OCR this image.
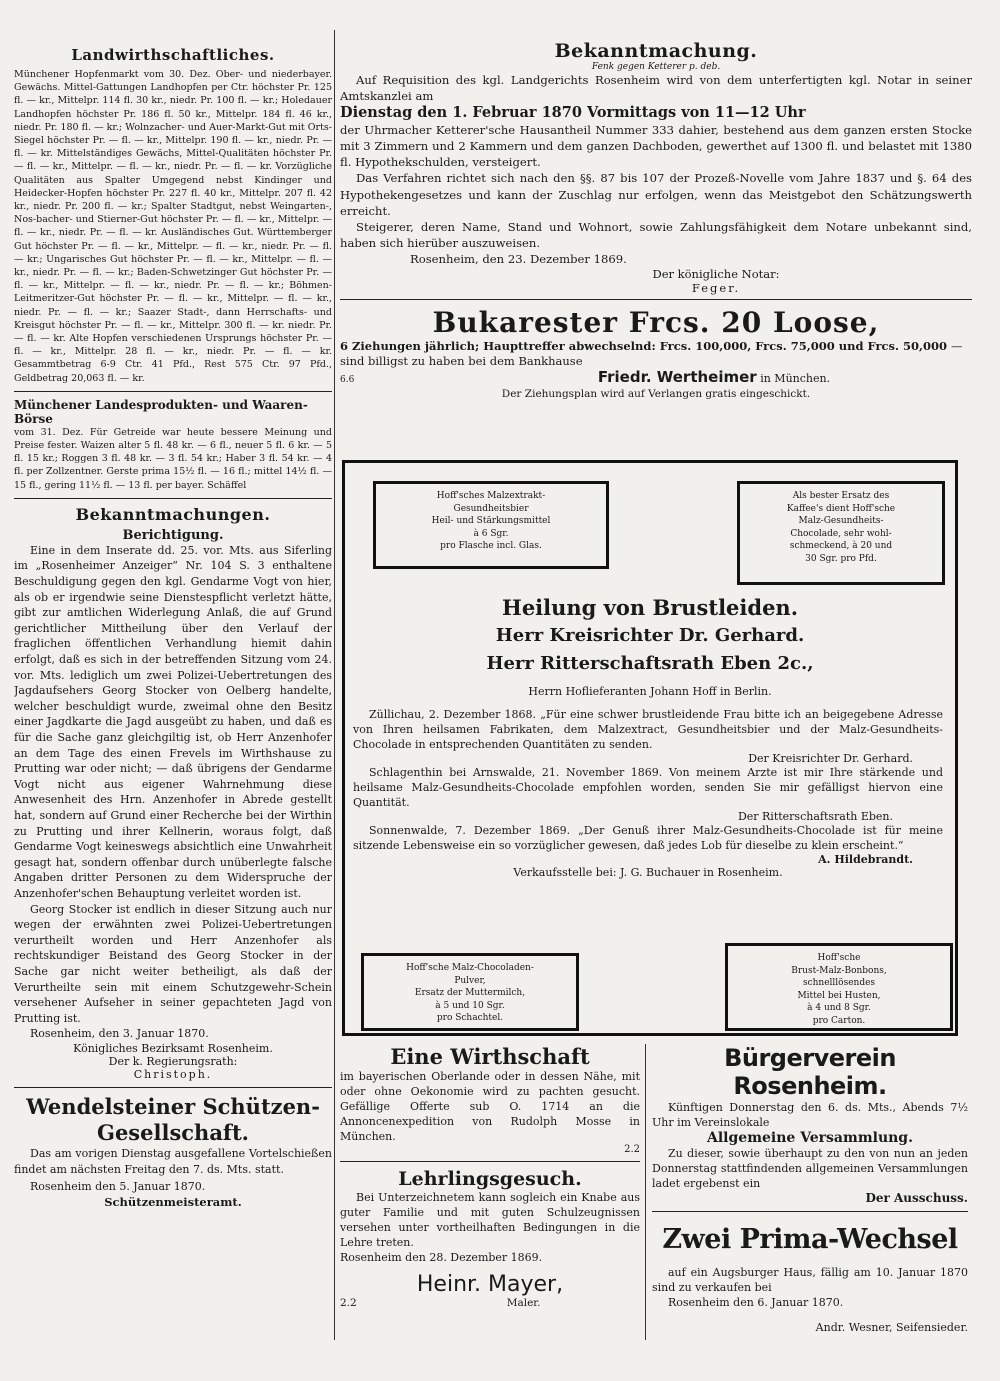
Landwirthschaftliches.

Münchener Hopfenmarkt vom 30. Dez. Ober- und niederbayer. Gewächs. Mittel-Gattungen Landhopfen per Ctr. höchster Pr. 125 fl. — kr., Mittelpr. 114 fl. 30 kr., niedr. Pr. 100 fl. — kr.; Holedauer Landhopfen höchster Pr. 186 fl. 50 kr., Mittelpr. 184 fl. 46 kr., niedr. Pr. 180 fl. — kr.; Wolnzacher- und Auer-Markt-Gut mit Orts-Siegel höchster Pr. — fl. — kr., Mittelpr. 190 fl. — kr., niedr. Pr. — fl. — kr. Mittelständiges Gewächs, Mittel-Qualitäten höchster Pr. — fl. — kr., Mittelpr. — fl. — kr., niedr. Pr. — fl. — kr. Vorzügliche Qualitäten aus Spalter Umgegend nebst Kindinger und Heidecker-Hopfen höchster Pr. 227 fl. 40 kr., Mittelpr. 207 fl. 42 kr., niedr. Pr. 200 fl. — kr.; Spalter Stadtgut, nebst Weingarten-, Nos-bacher- und Stierner-Gut höchster Pr. — fl. — kr., Mittelpr. — fl. — kr., niedr. Pr. — fl. — kr. Ausländisches Gut. Württemberger Gut höchster Pr. — fl. — kr., Mittelpr. — fl. — kr., niedr. Pr. — fl. — kr.; Ungarisches Gut höchster Pr. — fl. — kr., Mittelpr. — fl. — kr., niedr. Pr. — fl. — kr.; Baden-Schwetzinger Gut höchster Pr. — fl. — kr., Mittelpr. — fl. — kr., niedr. Pr. — fl. — kr.; Böhmen-Leitmeritzer-Gut höchster Pr. — fl. — kr., Mittelpr. — fl. — kr., niedr. Pr. — fl. — kr.; Saazer Stadt-, dann Herrschafts- und Kreisgut höchster Pr. — fl. — kr., Mittelpr. 300 fl. — kr. niedr. Pr. — fl. — kr. Alte Hopfen verschiedenen Ursprungs höchster Pr. — fl. — kr., Mittelpr. 28 fl. — kr., niedr. Pr. — fl. — kr. Gesammtbetrag 6-9 Ctr. 41 Pfd., Rest 575 Ctr. 97 Pfd., Geldbetrag 20,063 fl. — kr.

Münchener Landesprodukten- und Waaren-Börse

vom 31. Dez. Für Getreide war heute bessere Meinung und Preise fester. Waizen alter 5 fl. 48 kr. — 6 fl., neuer 5 fl. 6 kr. — 5 fl. 15 kr.; Roggen 3 fl. 48 kr. — 3 fl. 54 kr.; Haber 3 fl. 54 kr. — 4 fl. per Zollzentner. Gerste prima 15½ fl. — 16 fl.; mittel 14½ fl. — 15 fl., gering 11½ fl. — 13 fl. per bayer. Schäffel

Bekanntmachungen.
Berichtigung.

Eine in dem Inserate dd. 25. vor. Mts. aus Siferling im „Rosenheimer Anzeiger“ Nr. 104 S. 3 enthaltene Beschuldigung gegen den kgl. Gendarme Vogt von hier, als ob er irgendwie seine Dienstespflicht verletzt hätte, gibt zur amtlichen Widerlegung Anlaß, die auf Grund gerichtlicher Mittheilung über den Verlauf der fraglichen öffentlichen Verhandlung hiemit dahin erfolgt, daß es sich in der betreffenden Sitzung vom 24. vor. Mts. lediglich um zwei Polizei-Uebertretungen des Jagdaufsehers Georg Stocker von Oelberg handelte, welcher beschuldigt wurde, zweimal ohne den Besitz einer Jagdkarte die Jagd ausgeübt zu haben, und daß es für die Sache ganz gleichgiltig ist, ob Herr Anzenhofer an dem Tage des einen Frevels im Wirthshause zu Prutting war oder nicht; — daß übrigens der Gendarme Vogt nicht aus eigener Wahrnehmung diese Anwesenheit des Hrn. Anzenhofer in Abrede gestellt hat, sondern auf Grund einer Recherche bei der Wirthin zu Prutting und ihrer Kellnerin, woraus folgt, daß Gendarme Vogt keineswegs absichtlich eine Unwahrheit gesagt hat, sondern offenbar durch unüberlegte falsche Angaben dritter Personen zu dem Widerspruche der Anzenhofer'schen Behauptung verleitet worden ist.

Georg Stocker ist endlich in dieser Sitzung auch nur wegen der erwähnten zwei Polizei-Uebertretungen verurtheilt worden und Herr Anzenhofer als rechtskundiger Beistand des Georg Stocker in der Sache gar nicht weiter betheiligt, als daß der Verurtheilte sein mit einem Schutzgewehr-Schein versehener Aufseher in seiner gepachteten Jagd von Prutting ist.

Rosenheim, den 3. Januar 1870.

Königliches Bezirksamt Rosenheim.

Der k. Regierungsrath:

Christoph.

Wendelsteiner Schützen-Gesellschaft.

Das am vorigen Dienstag ausgefallene Vortelschießen findet am nächsten Freitag den 7. ds. Mts. statt.

Rosenheim den 5. Januar 1870.

Schützenmeisteramt.

Bekanntmachung.

Fenk gegen Ketterer p. deb.

Auf Requisition des kgl. Landgerichts Rosenheim wird von dem unterfertigten kgl. Notar in seiner Amtskanzlei am

Dienstag den 1. Februar 1870 Vormittags von 11—12 Uhr

der Uhrmacher Ketterer'sche Hausantheil Nummer 333 dahier, bestehend aus dem ganzen ersten Stocke mit 3 Zimmern und 2 Kammern und dem ganzen Dachboden, gewerthet auf 1300 fl. und belastet mit 1380 fl. Hypothekschulden, versteigert.

Das Verfahren richtet sich nach den §§. 87 bis 107 der Prozeß-Novelle vom Jahre 1837 und §. 64 des Hypothekengesetzes und kann der Zuschlag nur erfolgen, wenn das Meistgebot den Schätzungswerth erreicht.

Steigerer, deren Name, Stand und Wohnort, sowie Zahlungsfähigkeit dem Notare unbekannt sind, haben sich hierüber auszuweisen.

Rosenheim, den 23. Dezember 1869.

Der königliche Notar:

Feger.

Bukarester Frcs. 20 Loose,

6 Ziehungen jährlich; Haupttreffer abwechselnd: Frcs. 100,000, Frcs. 75,000 und Frcs. 50,000 — sind billigst zu haben bei dem Bankhause

6.6	Friedr. Wertheimer in München.

Der Ziehungsplan wird auf Verlangen gratis eingeschickt.

Hoff'sches Malzextrakt-
Gesundheitsbier
Heil- und Stärkungsmittel
à 6 Sgr.
pro Flasche incl. Glas.
Als bester Ersatz des
Kaffee's dient Hoff'sche
Malz-Gesundheits-
Chocolade, sehr wohl-
schmeckend, à 20 und
30 Sgr. pro Pfd.
Heilung von Brustleiden.
Herr Kreisrichter Dr. Gerhard.
Herr Ritterschaftsrath Eben 2c.,
Herrn Hoflieferanten Johann Hoff in Berlin.

Züllichau, 2. Dezember 1868. „Für eine schwer brustleidende Frau bitte ich an beigegebene Adresse von Ihren heilsamen Fabrikaten, dem Malzextract, Gesundheitsbier und der Malz-Gesundheits-Chocolade in entsprechenden Quantitäten zu senden.

Der Kreisrichter Dr. Gerhard.

Schlagenthin bei Arnswalde, 21. November 1869. Von meinem Arzte ist mir Ihre stärkende und heilsame Malz-Gesundheits-Chocolade empfohlen worden, senden Sie mir gefälligst hiervon eine Quantität.

Der Ritterschaftsrath Eben.

Sonnenwalde, 7. Dezember 1869. „Der Genuß ihrer Malz-Gesundheits-Chocolade ist für meine sitzende Lebensweise ein so vorzüglicher gewesen, daß jedes Lob für dieselbe zu klein erscheint.“

A. Hildebrandt.

Verkaufsstelle bei: J. G. Buchauer in Rosenheim.

Hoff'sche Malz-Chocoladen-
Pulver,
Ersatz der Muttermilch,
à 5 und 10 Sgr.
pro Schachtel.
Hoff'sche
Brust-Malz-Bonbons,
schnelllösendes
Mittel bei Husten,
à 4 und 8 Sgr.
pro Carton.
Eine Wirthschaft

im bayerischen Oberlande oder in dessen Nähe, mit oder ohne Oekonomie wird zu pachten gesucht. Gefällige Offerte sub O. 1714 an die Annoncenexpedition von Rudolph Mosse in München.

2.2

Lehrlingsgesuch.

Bei Unterzeichnetem kann sogleich ein Knabe aus guter Familie und mit guten Schulzeugnissen versehen unter vortheilhaften Bedingungen in die Lehre treten.

Rosenheim den 28. Dezember 1869.

Heinr. Mayer,

2.2	Maler.

Bürgerverein Rosenheim.

Künftigen Donnerstag den 6. ds. Mts., Abends 7½ Uhr im Vereinslokale

Allgemeine Versammlung.

Zu dieser, sowie überhaupt zu den von nun an jeden Donnerstag stattfindenden allgemeinen Versammlungen ladet ergebenst ein

Der Ausschuss.

Zwei Prima-Wechsel

auf ein Augsburger Haus, fällig am 10. Januar 1870 sind zu verkaufen bei

Rosenheim den 6. Januar 1870.

Andr. Wesner, Seifensieder.
